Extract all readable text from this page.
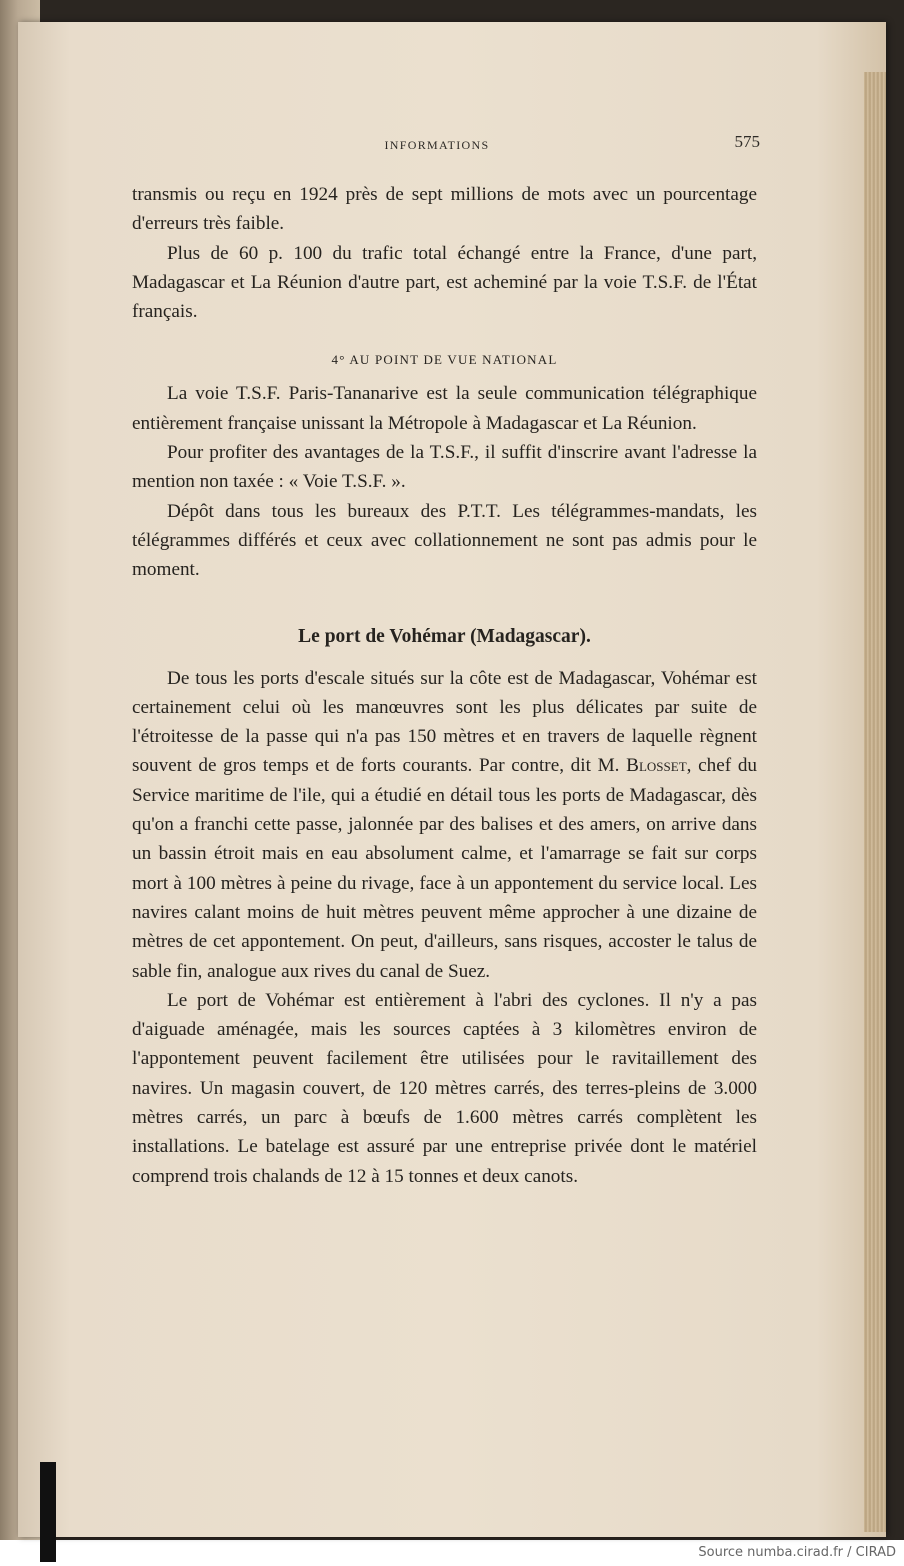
INFORMATIONS	575

transmis ou reçu en 1924 près de sept millions de mots avec un pourcentage d'erreurs très faible.

Plus de 60 p. 100 du trafic total échangé entre la France, d'une part, Madagascar et La Réunion d'autre part, est acheminé par la voie T.S.F. de l'État français.

4° AU POINT DE VUE NATIONAL

La voie T.S.F. Paris-Tananarive est la seule communication télégraphique entièrement française unissant la Métropole à Madagascar et La Réunion.

Pour profiter des avantages de la T.S.F., il suffit d'inscrire avant l'adresse la mention non taxée : « Voie T.S.F. ».

Dépôt dans tous les bureaux des P.T.T. Les télégrammes-mandats, les télégrammes différés et ceux avec collationnement ne sont pas admis pour le moment.

Le port de Vohémar (Madagascar).

De tous les ports d'escale situés sur la côte est de Madagascar, Vohémar est certainement celui où les manœuvres sont les plus délicates par suite de l'étroitesse de la passe qui n'a pas 150 mètres et en travers de laquelle règnent souvent de gros temps et de forts courants. Par contre, dit M. Blosset, chef du Service maritime de l'ile, qui a étudié en détail tous les ports de Madagascar, dès qu'on a franchi cette passe, jalonnée par des balises et des amers, on arrive dans un bassin étroit mais en eau absolument calme, et l'amarrage se fait sur corps mort à 100 mètres à peine du rivage, face à un appontement du service local. Les navires calant moins de huit mètres peuvent même approcher à une dizaine de mètres de cet appontement. On peut, d'ailleurs, sans risques, accoster le talus de sable fin, analogue aux rives du canal de Suez.

Le port de Vohémar est entièrement à l'abri des cyclones. Il n'y a pas d'aiguade aménagée, mais les sources captées à 3 kilomètres environ de l'appontement peuvent facilement être utilisées pour le ravitaillement des navires. Un magasin couvert, de 120 mètres carrés, des terres-pleins de 3.000 mètres carrés, un parc à bœufs de 1.600 mètres carrés complètent les installations. Le batelage est assuré par une entreprise privée dont le matériel comprend trois chalands de 12 à 15 tonnes et deux canots.

Source numba.cirad.fr / CIRAD
